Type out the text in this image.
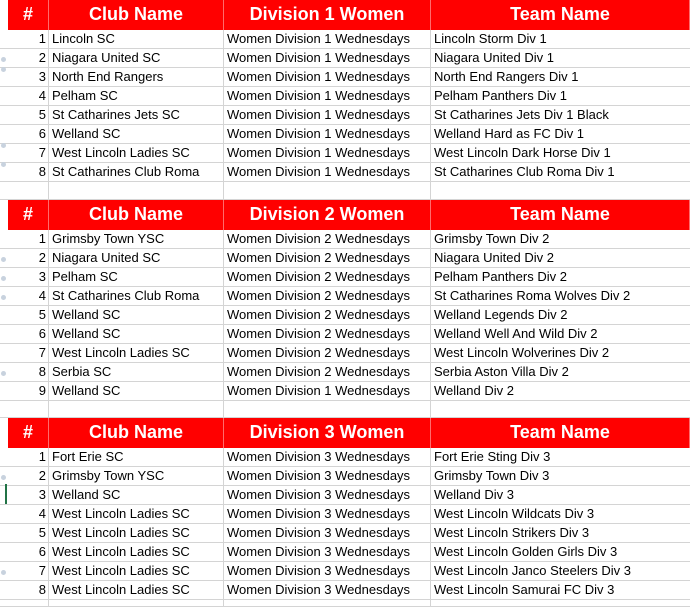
#	Club Name	Division 1 Women	Team Name
1 Lincoln SC	Women Division 1 Wednesdays	Lincoln Storm Div 1
2 Niagara United SC	Women Division 1 Wednesdays	Niagara United Div 1
3 North End Rangers	Women Division 1 Wednesdays	North End Rangers Div 1
4 Pelham SC	Women Division 1 Wednesdays	Pelham Panthers Div 1
5 St Catharines Jets SC	Women Division 1 Wednesdays	St Catharines Jets Div 1 Black
6 Welland SC	Women Division 1 Wednesdays	Welland Hard as FC Div 1
7 West Lincoln Ladies SC	Women Division 1 Wednesdays	West Lincoln Dark Horse Div 1
8 St Catharines Club Roma	Women Division 1 Wednesdays	St Catharines Club Roma Div 1
#	Club Name	Division 2 Women	Team Name
1 Grimsby Town YSC	Women Division 2 Wednesdays	Grimsby Town Div 2
2 Niagara United SC	Women Division 2 Wednesdays	Niagara United Div 2
3 Pelham SC	Women Division 2 Wednesdays	Pelham Panthers Div 2
4 St Catharines Club Roma	Women Division 2 Wednesdays	St Catharines Roma Wolves Div 2
5 Welland SC	Women Division 2 Wednesdays	Welland Legends Div 2
6 Welland SC	Women Division 2 Wednesdays	Welland Well And Wild Div 2
7 West Lincoln Ladies SC	Women Division 2 Wednesdays	West Lincoln Wolverines Div 2
8 Serbia SC	Women Division 2 Wednesdays	Serbia Aston Villa Div 2
9 Welland SC	Women Division 1 Wednesdays	Welland Div 2
#	Club Name	Division 3 Women	Team Name
1 Fort Erie SC	Women Division 3 Wednesdays	Fort Erie Sting Div 3
2 Grimsby Town YSC	Women Division 3 Wednesdays	Grimsby Town Div 3
3 Welland SC	Women Division 3 Wednesdays	Welland Div 3
4 West Lincoln Ladies SC	Women Division 3 Wednesdays	West Lincoln Wildcats Div 3
5 West Lincoln Ladies SC	Women Division 3 Wednesdays	West Lincoln Strikers Div 3
6 West Lincoln Ladies SC	Women Division 3 Wednesdays	West Lincoln Golden Girls Div 3
7 West Lincoln Ladies SC	Women Division 3 Wednesdays	West Lincoln Janco Steelers Div 3
8 West Lincoln Ladies SC	Women Division 3 Wednesdays	West Lincoln Samurai FC Div 3
